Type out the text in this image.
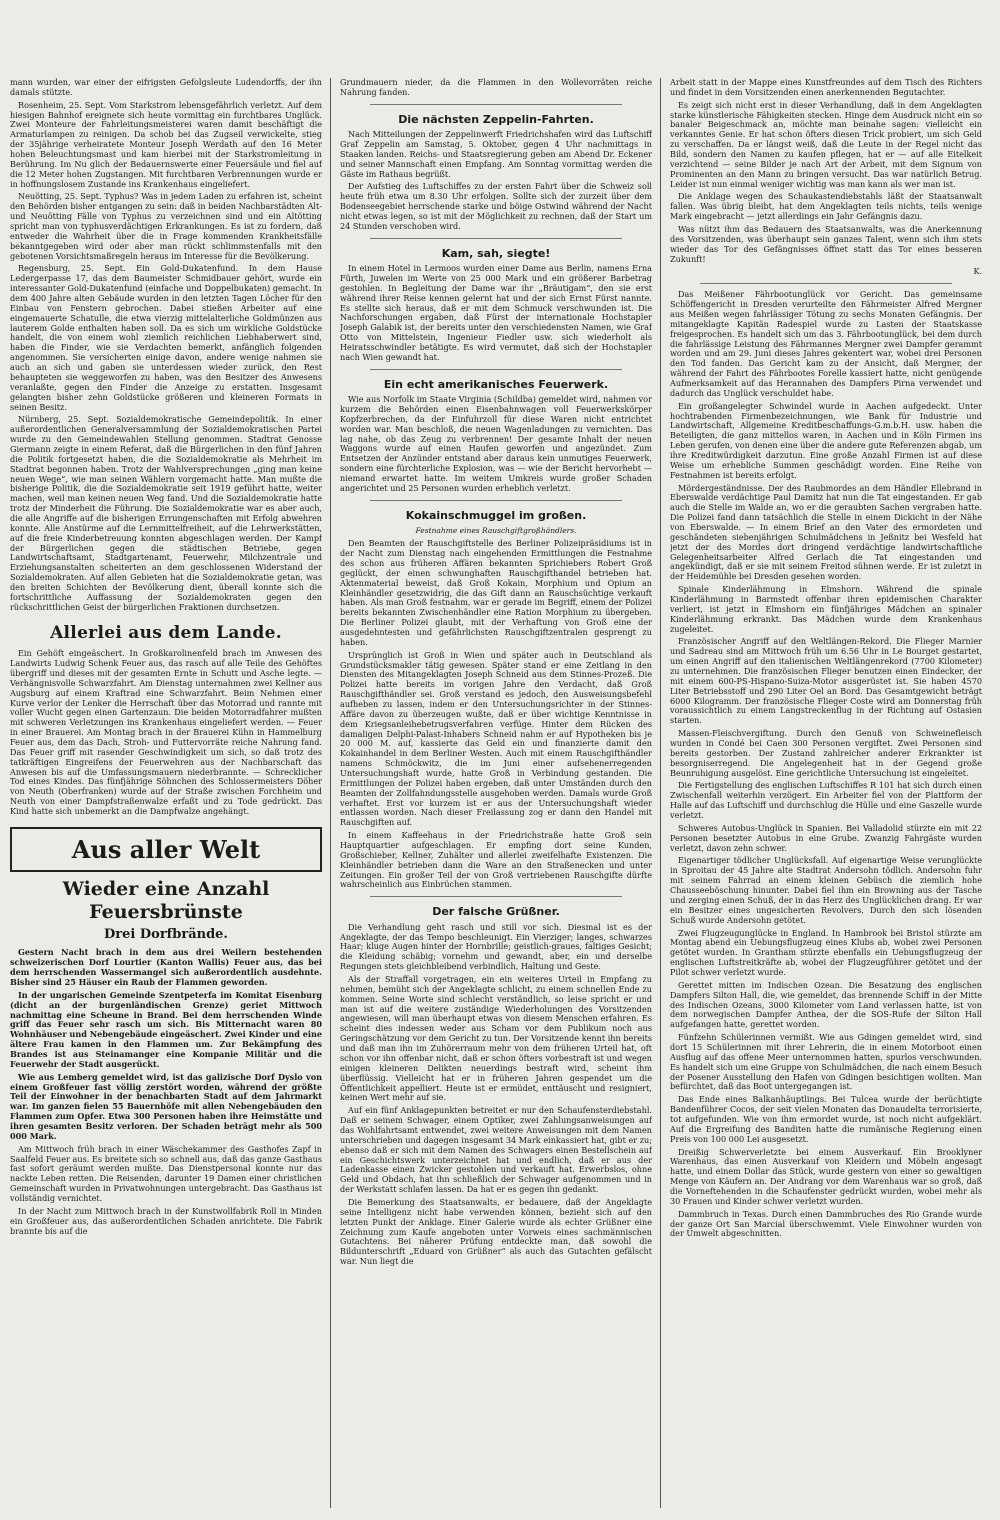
mann wurden, war einer der eifrigsten Gefolgsleute Ludendorffs, der ihn damals stützte.

Rosenheim, 25. Sept. Vom Starkstrom lebensgefährlich verletzt. Auf dem hiesigen Bahnhof ereignete sich heute vormittag ein furchtbares Unglück. Zwei Monteure der Fahrleitungsmeisterei waren damit beschäftigt die Armaturlampen zu reinigen. Da schob bei das Zugseil verwickelte, stieg der 35jährige verheiratete Monteur Joseph Werdath auf den 16 Meter hohen Beleuchtungsmast und kam hierbei mit der Starkstromleitung in Berührung. Im Nu glich der Bedauernswerte einer Feuersäule und fiel auf die 12 Meter hohen Zugstangen. Mit furchtbaren Verbrennungen wurde er in hoffnungslosem Zustande ins Krankenhaus eingeliefert.

Neuötting, 25. Sept. Typhus? Was in jedem Laden zu erfahren ist, scheint den Behörden bisher entgangen zu sein: daß in beiden Nachbarstädten Alt- und Neuötting Fälle von Typhus zu verzeichnen sind und ein Altötting spricht man von typhusverdächtigen Erkrankungen. Es ist zu fordern, daß entweder die Wahrheit über die in Frage kommenden Krankheitsfälle bekanntgegeben wird oder aber man rückt schlimmstenfalls mit den gebotenen Vorsichtsmaßregeln heraus im Interesse für die Bevölkerung.

Regensburg, 25. Sept. Ein Gold-Dukatenfund. In dem Hause Ledergerpasse 17, das dem Baumeister Schmidbauer gehört, wurde ein interessanter Gold-Dukatenfund (einfache und Doppelbukaten) gemacht. In dem 400 Jahre alten Gebäude wurden in den letzten Tagen Löcher für den Einbau von Fenstern gebrochen. Dabei stießen Arbeiter auf eine eingemauerte Schatulle, die etwa vierzig mittelalterliche Goldmünzen aus lauterem Golde enthalten haben soll. Da es sich um wirkliche Goldstücke handelt, die von einem wohl ziemlich reichlichen Liebhaberwert sind, haben die Finder, wie sie Verdachten bemerkt, anfänglich folgenden angenommen. Sie versicherten einige davon, andere wenige nahmen sie auch an sich und gaben sie unterdessen wieder zurück, den Rest behaupteten sie weggeworfen zu haben, was den Besitzer des Anwesens veranlaßte, gegen den Finder die Anzeige zu erstatten. Insgesamt gelangten bisher zehn Goldstücke größeren und kleineren Formats in seinen Besitz.

Nürnberg, 25. Sept. Sozialdemokratische Gemeindepolitik. In einer außerordentlichen Generalversammlung der Sozialdemokratischen Partei wurde zu den Gemeindewahlen Stellung genommen. Stadtrat Genosse Giermann zeigte in einem Referat, daß die Bürgerlichen in den fünf Jahren die Politik fortgesetzt haben, die die Sozialdemokratie als Mehrheit im Stadtrat begonnen haben. Trotz der Wahlversprechungen „ging man keine neuen Wege“, wie man seinen Wählern vorgemacht hatte. Man mußte die bisherige Politik, die die Sozialdemokratie seit 1919 geführt hatte, weiter machen, weil man keinen neuen Weg fand. Und die Sozialdemokratie hatte trotz der Minderheit die Führung. Die Sozialdemokratie war es aber auch, die alle Angriffe auf die bisherigen Errungenschaften mit Erfolg abwehren konnte. Alle Anstürme auf die Lernmittelfreiheit, auf die Lehrwerkstätten, auf die freie Kinderbetreuung konnten abgeschlagen werden. Der Kampf der Bürgerlichen gegen die städtischen Betriebe, gegen Landwirtschaftsamt, Stadtgartenamt, Feuerwehr, Milchzentrale und Erziehungsanstalten scheiterten an dem geschlossenen Widerstand der Sozialdemokraten. Auf allen Gebieten hat die Sozialdemokratie getan, was den breiten Schichten der Bevölkerung dient, überall konnte sich die fortschrittliche Auffassung der Sozialdemokraten gegen den rückschrittlichen Geist der bürgerlichen Fraktionen durchsetzen.

Allerlei aus dem Lande.

Ein Gehöft eingeäschert. In Großkarolinenfeld brach im Anwesen des Landwirts Ludwig Schenk Feuer aus, das rasch auf alle Teile des Gehöftes übergriff und dieses mit der gesamten Ernte in Schutt und Asche legte. — Verhängnisvolle Schwarzfahrt. Am Dienstag unternahmen zwei Kellner aus Augsburg auf einem Kraftrad eine Schwarzfahrt. Beim Nehmen einer Kurve verlor der Lenker die Herrschaft über das Motorrad und rannte mit voller Wucht gegen einen Gartenzaun. Die beiden Motorradfahrer mußten mit schweren Verletzungen ins Krankenhaus eingeliefert werden. — Feuer in einer Brauerei. Am Montag brach in der Brauerei Kühn in Hammelburg Feuer aus, dem das Dach, Stroh- und Futtervorräte reiche Nahrung fand. Das Feuer griff mit rasender Geschwindigkeit um sich, so daß trotz des tatkräftigen Eingreifens der Feuerwehren aus der Nachbarschaft das Anwesen bis auf die Umfassungsmauern niederbrannte. — Schrecklicher Tod eines Kindes. Das fünfjährige Söhnchen des Schlossermeisters Döher von Neuth (Oberfranken) wurde auf der Straße zwischen Forchheim und Neuth von einer Dampfstraßenwalze erfaßt und zu Tode gedrückt. Das Kind hatte sich unbemerkt an die Dampfwalze angehängt.

Aus aller Welt
Wieder eine Anzahl Feuersbrünste
Drei Dorfbrände.

Gestern Nacht brach in dem aus drei Weilern bestehenden schweizerischen Dorf Lourtier (Kanton Wallis) Feuer aus, das bei dem herrschenden Wassermangel sich außerordentlich ausdehnte. Bisher sind 25 Häuser ein Raub der Flammen geworden.

In der ungarischen Gemeinde Szentpeterfa im Komitat Eisenburg (dicht an der burgenländischen Grenze) geriet Mittwoch nachmittag eine Scheune in Brand. Bei dem herrschenden Winde griff das Feuer sehr rasch um sich. Bis Mitternacht waren 80 Wohnhäuser und Nebengebäude eingeäschert. Zwei Kinder und eine ältere Frau kamen in den Flammen um. Zur Bekämpfung des Brandes ist aus Steinamanger eine Kompanie Militär und die Feuerwehr der Stadt ausgerückt.

Wie aus Lemberg gemeldet wird, ist das galizische Dorf Dyslo von einem Großfeuer fast völlig zerstört worden, während der größte Teil der Einwohner in der benachbarten Stadt auf dem Jahrmarkt war. Im ganzen fielen 55 Bauernhöfe mit allen Nebengebäuden den Flammen zum Opfer. Etwa 300 Personen haben ihre Heimstätte und ihren gesamten Besitz verloren. Der Schaden beträgt mehr als 500 000 Mark.

Am Mittwoch früh brach in einer Wäschekammer des Gasthofes Zapf in Saalfeld Feuer aus. Es breitete sich so schnell aus, daß das ganze Gasthaus fast sofort geräumt werden mußte. Das Dienstpersonal konnte nur das nackte Leben retten. Die Reisenden, darunter 19 Damen einer christlichen Gemeinschaft wurden in Privatwohnungen untergebracht. Das Gasthaus ist vollständig vernichtet.

In der Nacht zum Mittwoch brach in der Kunstwollfabrik Roll in Minden ein Großfeuer aus, das außerordentlichen Schaden anrichtete. Die Fabrik brannte bis auf die

Grundmauern nieder, da die Flammen in den Wollevorräten reiche Nahrung fanden.

Die nächsten Zeppelin-Fahrten.

Nach Mitteilungen der Zeppelinwerft Friedrichshafen wird das Luftschiff Graf Zeppelin am Samstag, 5. Oktober, gegen 4 Uhr nachmittags in Staaken landen. Reichs- und Staatsregierung geben am Abend Dr. Eckener und seiner Mannschaft einen Empfang. Am Sonntag vormittag werden die Gäste im Rathaus begrüßt.

Der Aufstieg des Luftschiffes zu der ersten Fahrt über die Schweiz soll heute früh etwa um 8.30 Uhr erfolgen. Sollte sich der zurzeit über dem Bodenseegebiet herrschende starke und böige Ostwind während der Nacht nicht etwas legen, so ist mit der Möglichkeit zu rechnen, daß der Start um 24 Stunden verschoben wird.

Kam, sah, siegte!

In einem Hotel in Lermoos wurden einer Dame aus Berlin, namens Erna Fürth, Juwelen im Werte von 25 000 Mark und ein größerer Barbetrag gestohlen. In Begleitung der Dame war ihr „Bräutigam“, den sie erst während ihrer Reise kennen gelernt hat und der sich Ernst Fürst nannte. Es stellte sich heraus, daß er mit dem Schmuck verschwunden ist. Die Nachforschungen ergaben, daß Fürst der internationale Hochstapler Joseph Galabik ist, der bereits unter den verschiedensten Namen, wie Graf Otto von Mittelstein, Ingenieur Fiedler usw. sich wiederholt als Heiratsschwindler betätigte. Es wird vermutet, daß sich der Hochstapler nach Wien gewandt hat.

Ein echt amerikanisches Feuerwerk.

Wie aus Norfolk im Staate Virginia (Schildba) gemeldet wird, nahmen vor kurzem die Behörden einen Eisenbahnwagen voll Feuerwerkskörper Kopfzerbrechen, da der Einfuhrzoll für diese Waren nicht entrichtet worden war. Man beschloß, die neuen Wagenladungen zu vernichten. Das lag nahe, ob das Zeug zu verbrennen! Der gesamte Inhalt der neuen Waggons wurde auf einen Haufen geworfen und angezündet. Zum Entsetzen der Anzünder entstand aber daraus kein unmutiges Feuerwerk, sondern eine fürchterliche Explosion, was — wie der Bericht hervorhebt — niemand erwartet hatte. Im weitem Umkreis wurde großer Schaden angerichtet und 25 Personen wurden erheblich verletzt.

Kokainschmuggel im großen.
Festnahme eines Rauschgiftgroßhändlers.

Den Beamten der Rauschgiftstelle des Berliner Polizeipräsidiums ist in der Nacht zum Dienstag nach eingehenden Ermittlungen die Festnahme des schon aus früheren Affären bekannten Sprichiebers Robert Groß geglückt, der einen schwunghaften Rauschgifthandel betrieben hat. Aktenmaterial beweist, daß Groß Kokain, Morphium und Opium an Kleinhändler gesetzwidrig, die das Gift dann an Rauschsüchtige verkauft haben. Als man Groß festnahm, war er gerade im Begriff, einem der Polizei bereits bekannten Zwischenhändler eine Ration Morphium zu übergeben. Die Berliner Polizei glaubt, mit der Verhaftung von Groß eine der ausgedehntesten und gefährlichsten Rauschgiftzentralen gesprengt zu haben.

Ursprünglich ist Groß in Wien und später auch in Deutschland als Grundstücksmakler tätig gewesen. Später stand er eine Zeitlang in den Diensten des Mitangeklagten Joseph Schneid aus dem Stinnes-Prozeß. Die Polizei hatte bereits im vorigen Jahre den Verdacht, daß Groß Rauschgifthändler sei. Groß verstand es jedoch, den Ausweisungsbefehl aufheben zu lassen, indem er den Untersuchungsrichter in der Stinnes-Affäre davon zu überzeugen wußte, daß er über wichtige Kenntnisse in dem Kriegsanleihebetrugsverfahren verfüge. Hinter dem Rücken des damaligen Delphi-Palast-Inhabers Schneid nahm er auf Hypotheken bis je 20 000 M. auf, kassierte das Geld ein und finanzierte damit den Kokainhandel in dem Berliner Westen. Auch mit einem Rauschgifthändler namens Schmöckwitz, die im Juni einer aufsehenerregenden Untersuchungshaft wurde, hatte Groß in Verbindung gestanden. Die Ermittlungen der Polizei haben ergeben, daß unter Umständen durch den Beamten der Zollfahndungsstelle ausgehoben werden. Damals wurde Groß verhaftet. Erst vor kurzem ist er aus der Untersuchungshaft wieder entlassen worden. Nach dieser Freilassung zog er dann den Handel mit Rauschgiften auf.

In einem Kaffeehaus in der Friedrichstraße hatte Groß sein Hauptquartier aufgeschlagen. Er empfing dort seine Kunden, Großschieber, Kellner, Zuhälter und allerlei zweifelhafte Existenzen. Die Kleinhändler betrieben dann die Ware an den Straßenecken und unter Zeitungen. Ein großer Teil der von Groß vertriebenen Rauschgifte dürfte wahrscheinlich aus Einbrüchen stammen.

Der falsche Grüßner.

Die Verhandlung geht rasch und still vor sich. Diesmal ist es der Angeklagte, der das Tempo beschleunigt. Ein Vierziger; langes, schwarzes Haar; kluge Augen hinter der Hornbrille; geistlich-graues, faltiges Gesicht; die Kleidung schäbig; vornehm und gewandt, aber, ein und derselbe Regungen stets gleichbleibend verbindlich, Haltung und Geste.

Als der Straffall vorgetragen, ein ein weiteres Urteil in Empfang zu nehmen, bemüht sich der Angeklagte schlicht, zu einem schnellen Ende zu kommen. Seine Worte sind schlecht verständlich, so leise spricht er und man ist auf die weitere zuständige Wiederholungen des Vorsitzenden angewiesen, will man überhaupt etwas von diesem Menschen erfahren. Es scheint dies indessen weder aus Scham vor dem Publikum noch aus Geringschätzung vor dem Gericht zu tun. Der Vorsitzende kennt ihn bereits und daß man ihn im Zuhörerraum mehr von dem früheren Urteil hat, oft schon vor ihn offenbar nicht, daß er schon öfters vorbestraft ist und wegen einigen kleineren Delikten neuerdings bestraft wird, scheint ihm überflüssig. Vielleicht hat er in früheren Jahren gespendet um die Öffentlichkeit appelliert. Heute ist er ermüdet, enttäuscht und resigniert, keinen Wert mehr auf sie.

Auf ein fünf Anklagepunkten betreitet er nur den Schaufensterdiebstahl. Daß er seinem Schwager, einem Optiker, zwei Zahlungsanweisungen auf das Wohlfahrtsamt entwendet, zwei weitere Anweisungen mit dem Namen unterschrieben und dagegen insgesamt 34 Mark einkassiert hat, gibt er zu; ebenso daß er sich mit dem Namen des Schwagers einen Bestellschein auf ein Geschichtswerk unterzeichnet hat und endlich, daß er aus der Ladenkasse einen Zwicker gestohlen und verkauft hat. Erwerbslos, ohne Geld und Obdach, hat ihn schließlich der Schwager aufgenommen und in der Werkstatt schlafen lassen. Da hat er es gegen ihn gedankt.

Die Bemerkung des Staatsanwalts, er bedauere, daß der Angeklagte seine Intelligenz nicht habe verwenden können, bezieht sich auf den letzten Punkt der Anklage. Einer Galerie wurde als echter Grüßner eine Zeichnung zum Kaufe angeboten unter Vorweis eines sachmännischen Gutachtens. Bei näherer Prüfung entdeckte man, daß sowohl die Bildunterschrift „Eduard von Grüßner“ als auch das Gutachten gefälscht war. Nun liegt die

Arbeit statt in der Mappe eines Kunstfreundes auf dem Tisch des Richters und findet in dem Vorsitzenden einen anerkennenden Begutachter.

Es zeigt sich nicht erst in dieser Verhandlung, daß in dem Angeklagten starke künstlerische Fähigkeiten stecken. Hinge dem Ausdruck nicht ein so banaler Beigeschmack an, möchte man beinahe sagen: vielleicht ein verkanntes Genie. Er hat schon öfters diesen Trick probiert, um sich Geld zu verschaffen. Da er längst weiß, daß die Leute in der Regel nicht das Bild, sondern den Namen zu kaufen pflegen, hat er — auf alle Eitelkeit verzichtend — seine Bilder je nach Art der Arbeit, mit dem Signum von Prominenten an den Mann zu bringen versucht. Das war natürlich Betrug. Leider ist nun einmal weniger wichtig was man kann als wer man ist.

Die Anklage wegen des Schaukastendiebstahls läßt der Staatsanwalt fallen. Was übrig bleibt, hat dem Angeklagten teils nichts, teils wenige Mark eingebracht — jetzt allerdings ein Jahr Gefängnis dazu.

Was nützt ihm das Bedauern des Staatsanwalts, was die Anerkennung des Vorsitzenden, was überhaupt sein ganzes Talent, wenn sich ihm stets wieder das Tor des Gefängnisses öffnet statt das Tor eines besseren Zukunft!

K.

Das Meißener Fährbootunglück vor Gericht. Das gemeinsame Schöffengericht in Dresden verurteilte den Fährmeister Alfred Mergner aus Meißen wegen fahrlässiger Tötung zu sechs Monaten Gefängnis. Der mitangeklagte Kapitän Radespiel wurde zu Lasten der Staatskasse freigesprochen. Es handelt sich um das 3. Fährbootunglück, bei dem durch die fahrlässige Leistung des Fährmannes Mergner zwei Dampfer gerammt worden und am 29. Juni dieses Jahres gekentert war, wobei drei Personen den Tod fanden. Das Gericht kam zu der Ansicht, daß Mergner, der während der Fahrt des Fährbootes Forelle kassiert hatte, nicht genügende Aufmerksamkeit auf das Herannahen des Dampfers Pirna verwendet und dadurch das Unglück verschuldet habe.

Ein großangelegter Schwindel wurde in Aachen aufgedeckt. Unter hochtrabenden Firmenbezeichnungen, wie Bank für Industrie und Landwirtschaft, Allgemeine Kreditbeschaffungs-G.m.b.H. usw. haben die Beteiligten, die ganz mittellos waren, in Aachen und in Köln Firmen ins Leben gerufen, von denen eine über die andere gute Referenzen abgab, um ihre Kreditwürdigkeit darzutun. Eine große Anzahl Firmen ist auf diese Weise um erhebliche Summen geschädigt worden. Eine Reihe von Festnahmen ist bereits erfolgt.

Mördergeständnisse. Der des Raubmordes an dem Händler Ellebrand in Eberswalde verdächtige Paul Damitz hat nun die Tat eingestanden. Er gab auch die Stelle im Walde an, wo er die geraubten Sachen vergraben hatte. Die Polizei fand dann tatsächlich die Stelle in einem Dickicht in der Nähe von Eberswalde. — In einem Brief an den Vater des ermordeten und geschändeten siebenjährigen Schulmädchens in Jeßnitz bei Wesfeld hat jetzt der des Mordes dort dringend verdächtige landwirtschaftliche Gelegenheitsarbeiter Alfred Gerlach die Tat eingestanden und angekündigt, daß er sie mit seinem Freitod sühnen werde. Er ist zuletzt in der Heidemühle bei Dresden gesehen worden.

Spinale Kinderlähmung in Elmshorn. Während die spinale Kinderlähmung in Barmstedt offenbar ihren epidemischen Charakter verliert, ist jetzt in Elmshorn ein fünfjähriges Mädchen an spinaler Kinderlähmung erkrankt. Das Mädchen wurde dem Krankenhaus zugeleitet.

Französischer Angriff auf den Weltlängen-Rekord. Die Flieger Marnier und Sadreau sind am Mittwoch früh um 6.56 Uhr in Le Bourget gestartet, um einen Angriff auf den italienischen Weltlängenrekord (7700 Kilometer) zu unternehmen. Die französischen Flieger benutzen einen Eindecker, der mit einem 600-PS-Hispano-Suiza-Motor ausgerüstet ist. Sie haben 4570 Liter Betriebsstoff und 290 Liter Oel an Bord. Das Gesamtgewicht beträgt 6000 Kilogramm. Der französische Flieger Coste wird am Donnerstag früh voraussichtlich zu einem Langstreckenflug in der Richtung auf Ostasien starten.

Massen-Fleischvergiftung. Durch den Genuß von Schweinefleisch wurden in Condé bei Caen 300 Personen vergiftet. Zwei Personen sind bereits gestorben. Der Zustand zahlreicher anderer Erkrankter ist besorgniserregend. Die Angelegenheit hat in der Gegend große Beunruhigung ausgelöst. Eine gerichtliche Untersuchung ist eingeleitet.

Die Fertigstellung des englischen Luftschiffes R 101 hat sich durch einen Zwischenfall weiterhin verzögert. Ein Arbeiter fiel von der Plattform der Halle auf das Luftschiff und durchschlug die Hülle und eine Gaszelle wurde verletzt.

Schweres Autobus-Unglück in Spanien. Bei Valladolid stürzte ein mit 22 Personen besetzter Autobus in eine Grube. Zwanzig Fahrgäste wurden verletzt, davon zehn schwer.

Eigenartiger tödlicher Unglücksfall. Auf eigenartige Weise verunglückte in Sproitau der 45 Jahre alte Stadtrat Andersohn tödlich. Andersohn fuhr mit seinem Fahrrad an einem kleinen Gebüsch die ziemlich hohe Chausseeböschung hinunter. Dabei fiel ihm ein Browning aus der Tasche und zerging einen Schuß, der in das Herz des Unglücklichen drang. Er war ein Besitzer eines ungesicherten Revolvers. Durch den sich lösenden Schuß wurde Andersohn getötet.

Zwei Flugzeugunglücke in England. In Hambrook bei Bristol stürzte am Montag abend ein Uebungsflugzeug eines Klubs ab, wobei zwei Personen getötet wurden. In Grantham stürzte ebenfalls ein Uebungsflugzeug der englischen Luftstreitkräfte ab, wobei der Flugzeugführer getötet und der Pilot schwer verletzt wurde.

Gerettet mitten im Indischen Ozean. Die Besatzung des englischen Dampfers Silton Hall, die, wie gemeldet, das brennende Schiff in der Mitte des Indischen Ozeans, 3000 Kilometer vom Land verlassen hatte, ist von dem norwegischen Dampfer Anthea, der die SOS-Rufe der Silton Hall aufgefangen hatte, gerettet worden.

Fünfzehn Schülerinnen vermißt. Wie aus Gdingen gemeldet wird, sind dort 15 Schülerinnen mit ihrer Lehrerin, die in einem Motorboot einen Ausflug auf das offene Meer unternommen hatten, spurlos verschwunden. Es handelt sich um eine Gruppe von Schulmädchen, die nach einem Besuch der Posener Ausstellung den Hafen von Gdingen besichtigen wollten. Man befürchtet, daß das Boot untergegangen ist.

Das Ende eines Balkanhäuptlings. Bei Tulcea wurde der berüchtigte Bandenführer Cocos, der seit vielen Monaten das Donaudelta terrorisierte, tot aufgefunden. Wie von ihm ermordet wurde, ist noch nicht aufgeklärt. Auf die Ergreifung des Banditen hatte die rumänische Regierung einen Preis von 100 000 Lei ausgesetzt.

Dreißig Schwerverletzte bei einem Ausverkauf. Ein Brooklyner Warenhaus, das einen Ausverkauf von Kleidern und Möbeln angesagt hatte, und einem Dollar das Stück, wurde gestern von einer so gewaltigen Menge von Käufern an. Der Andrang vor dem Warenhaus war so groß, daß die Vorneftehenden in die Schaufenster gedrückt wurden, wobei mehr als 30 Frauen und Kinder schwer verletzt wurden.

Dammbruch in Texas. Durch einen Dammbruches des Rio Grande wurde der ganze Ort San Marcial überschwemmt. Viele Einwohner wurden von der Umwelt abgeschnitten.
